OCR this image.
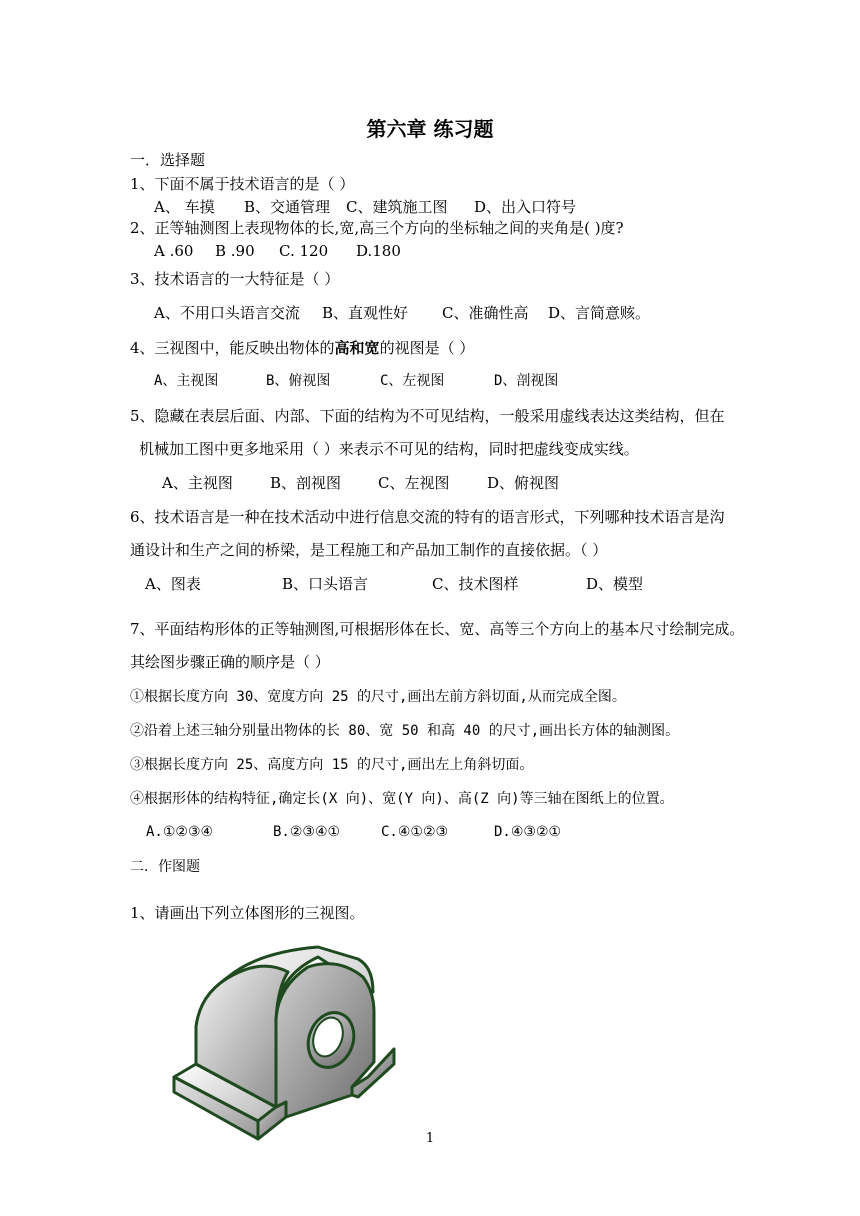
第六章 练习题
一．选择题
1、下面不属于技术语言的是（ ）
A、 车摸 B、交通管理 C、建筑施工图 D、出入口符号
2、正等轴测图上表现物体的长,宽,高三个方向的坐标轴之间的夹角是( )度?
A .60 B .90 C. 120 D.180
3、技术语言的一大特征是（ ）
A、不用口头语言交流 B、直观性好 C、准确性高 D、言简意赅。
4、三视图中，能反映出物体的高和宽的视图是（ ）
A、主视图	B、俯视图	C、左视图	D、剖视图
5、隐藏在表层后面、内部、下面的结构为不可见结构，一般采用虚线表达这类结构，但在
机械加工图中更多地采用（ ）来表示不可见的结构，同时把虚线变成实线。
A、主视图 B、剖视图 C、左视图	D、俯视图
6、技术语言是一种在技术活动中进行信息交流的特有的语言形式，下列哪种技术语言是沟
通设计和生产之间的桥梁，是工程施工和产品加工制作的直接依据。（ ）
A、图表	B、口头语言	C、技术图样	D、模型
7、平面结构形体的正等轴测图,可根据形体在长、宽、高等三个方向上的基本尺寸绘制完成。
其绘图步骤正确的顺序是（ ）
①根据长度方向 30、宽度方向 25 的尺寸,画出左前方斜切面,从而完成全图。
②沿着上述三轴分别量出物体的长 80、宽 50 和高 40 的尺寸,画出长方体的轴测图。
③根据长度方向 25、高度方向 15 的尺寸,画出左上角斜切面。
④根据形体的结构特征,确定长(X 向)、宽(Y 向)、高(Z 向)等三轴在图纸上的位置。
A.①②③④	B.②③④①	C.④①②③	D.④③②①
二．作图题
1、请画出下列立体图形的三视图。
1
